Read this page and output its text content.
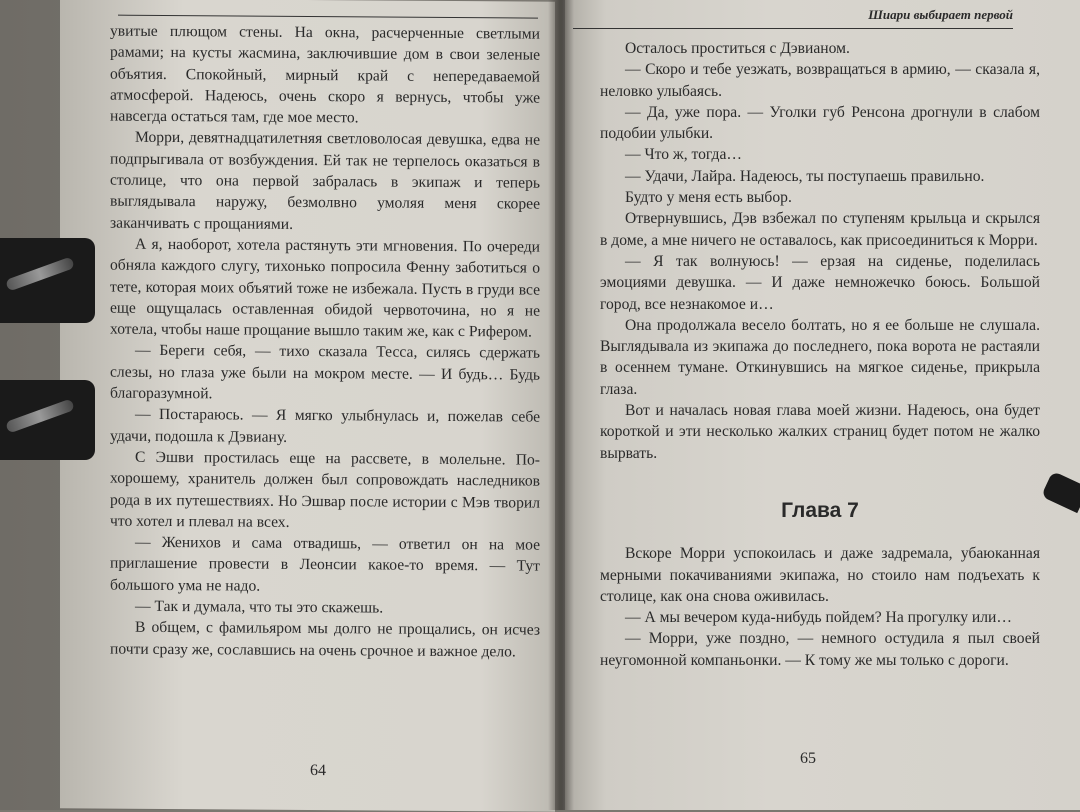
увитые плющом стены. На окна, расчерченные светлыми рамами; на кусты жасмина, заключившие дом в свои зеленые объятия. Спокойный, мирный край с непередаваемой атмосферой. Надеюсь, очень скоро я вернусь, чтобы уже навсегда остаться там, где мое место.

Морри, девятнадцатилетняя светловолосая девушка, едва не подпрыгивала от возбуждения. Ей так не терпелось оказаться в столице, что она первой забралась в экипаж и теперь выглядывала наружу, безмолвно умоляя меня скорее заканчивать с прощаниями.

А я, наоборот, хотела растянуть эти мгновения. По очереди обняла каждого слугу, тихонько попросила Фенну заботиться о тете, которая моих объятий тоже не избежала. Пусть в груди все еще ощущалась оставленная обидой червоточина, но я не хотела, чтобы наше прощание вышло таким же, как с Рифером.

— Береги себя, — тихо сказала Тесса, силясь сдержать слезы, но глаза уже были на мокром месте. — И будь… Будь благоразумной.

— Постараюсь. — Я мягко улыбнулась и, пожелав себе удачи, подошла к Дэвиану.

С Эшви простилась еще на рассвете, в молельне. По-хорошему, хранитель должен был сопровождать наследников рода в их путешествиях. Но Эшвар после истории с Мэв творил что хотел и плевал на всех.

— Женихов и сама отвадишь, — ответил он на мое приглашение провести в Леонсии какое-то время. — Тут большого ума не надо.

— Так и думала, что ты это скажешь.

В общем, с фамильяром мы долго не прощались, он исчез почти сразу же, сославшись на очень срочное и важное дело.

64
Шиари выбирает первой

Осталось проститься с Дэвианом.

— Скоро и тебе уезжать, возвращаться в армию, — сказала я, неловко улыбаясь.

— Да, уже пора. — Уголки губ Ренсона дрогнули в слабом подобии улыбки.

— Что ж, тогда…

— Удачи, Лайра. Надеюсь, ты поступаешь правильно.

Будто у меня есть выбор.

Отвернувшись, Дэв взбежал по ступеням крыльца и скрылся в доме, а мне ничего не оставалось, как присоединиться к Морри.

— Я так волнуюсь! — ерзая на сиденье, поделилась эмоциями девушка. — И даже немножечко боюсь. Большой город, все незнакомое и…

Она продолжала весело болтать, но я ее больше не слушала. Выглядывала из экипажа до последнего, пока ворота не растаяли в осеннем тумане. Откинувшись на мягкое сиденье, прикрыла глаза.

Вот и началась новая глава моей жизни. Надеюсь, она будет короткой и эти несколько жалких страниц будет потом не жалко вырвать.

Глава 7

Вскоре Морри успокоилась и даже задремала, убаюканная мерными покачиваниями экипажа, но стоило нам подъехать к столице, как она снова оживилась.

— А мы вечером куда-нибудь пойдем? На прогулку или…

— Морри, уже поздно, — немного остудила я пыл своей неугомонной компаньонки. — К тому же мы только с дороги.

65
